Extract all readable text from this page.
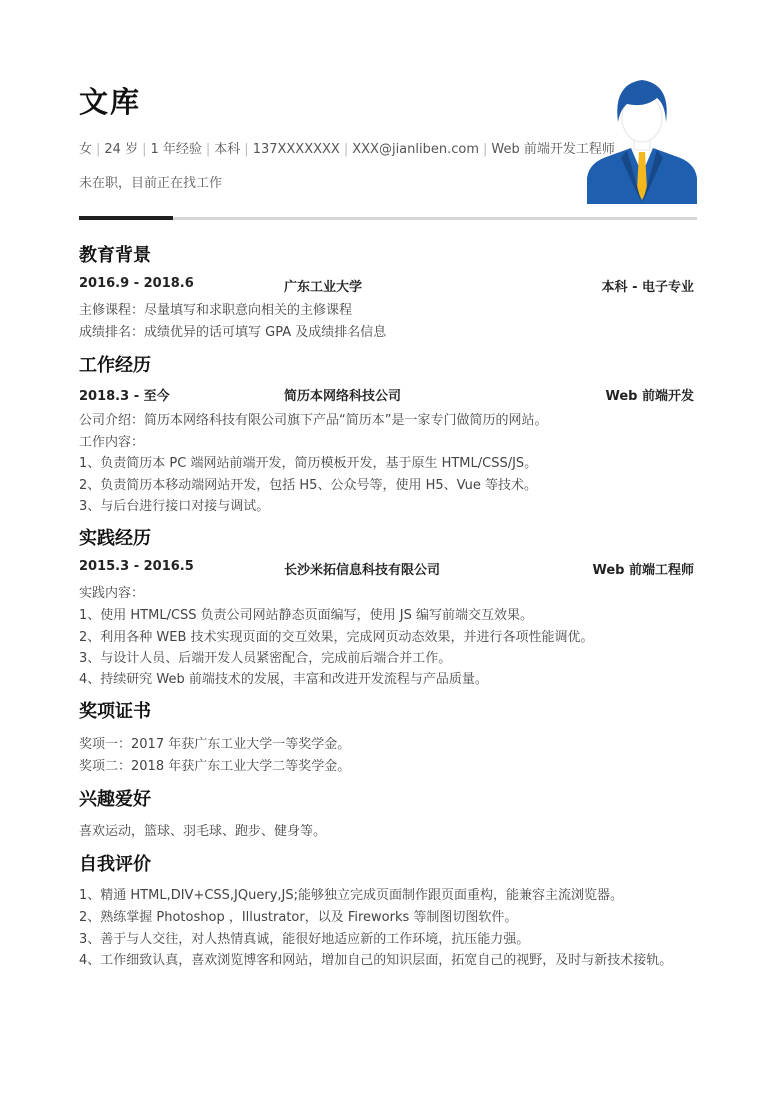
文库
女 | 24 岁 | 1 年经验 | 本科 | 137XXXXXXX | XXX@jianliben.com | Web 前端开发工程师
未在职，目前正在找工作
教育背景
2016.9 - 2018.6	广东工业大学	本科 - 电子专业
主修课程：尽量填写和求职意向相关的主修课程
成绩排名：成绩优异的话可填写 GPA 及成绩排名信息
工作经历
2018.3 - 至今	简历本网络科技公司	Web 前端开发
公司介绍：简历本网络科技有限公司旗下产品“简历本”是一家专门做简历的网站。
工作内容：
1、负责简历本 PC 端网站前端开发，简历模板开发，基于原生 HTML/CSS/JS。
2、负责简历本移动端网站开发，包括 H5、公众号等，使用 H5、Vue 等技术。
3、与后台进行接口对接与调试。
实践经历
2015.3 - 2016.5	长沙米拓信息科技有限公司	Web 前端工程师
实践内容：
1、使用 HTML/CSS 负责公司网站静态页面编写，使用 JS 编写前端交互效果。
2、利用各种 WEB 技术实现页面的交互效果，完成网页动态效果，并进行各项性能调优。
3、与设计人员、后端开发人员紧密配合，完成前后端合并工作。
4、持续研究 Web 前端技术的发展，丰富和改进开发流程与产品质量。
奖项证书
奖项一：2017 年获广东工业大学一等奖学金。
奖项二：2018 年获广东工业大学二等奖学金。
兴趣爱好
喜欢运动，篮球、羽毛球、跑步、健身等。
自我评价
1、精通 HTML,DIV+CSS,JQuery,JS;能够独立完成页面制作跟页面重构，能兼容主流浏览器。
2、熟练掌握 Photoshop ，Illustrator，以及 Fireworks 等制图切图软件。
3、善于与人交往，对人热情真诚，能很好地适应新的工作环境，抗压能力强。
4、工作细致认真，喜欢浏览博客和网站，增加自己的知识层面，拓宽自己的视野，及时与新技术接轨。
